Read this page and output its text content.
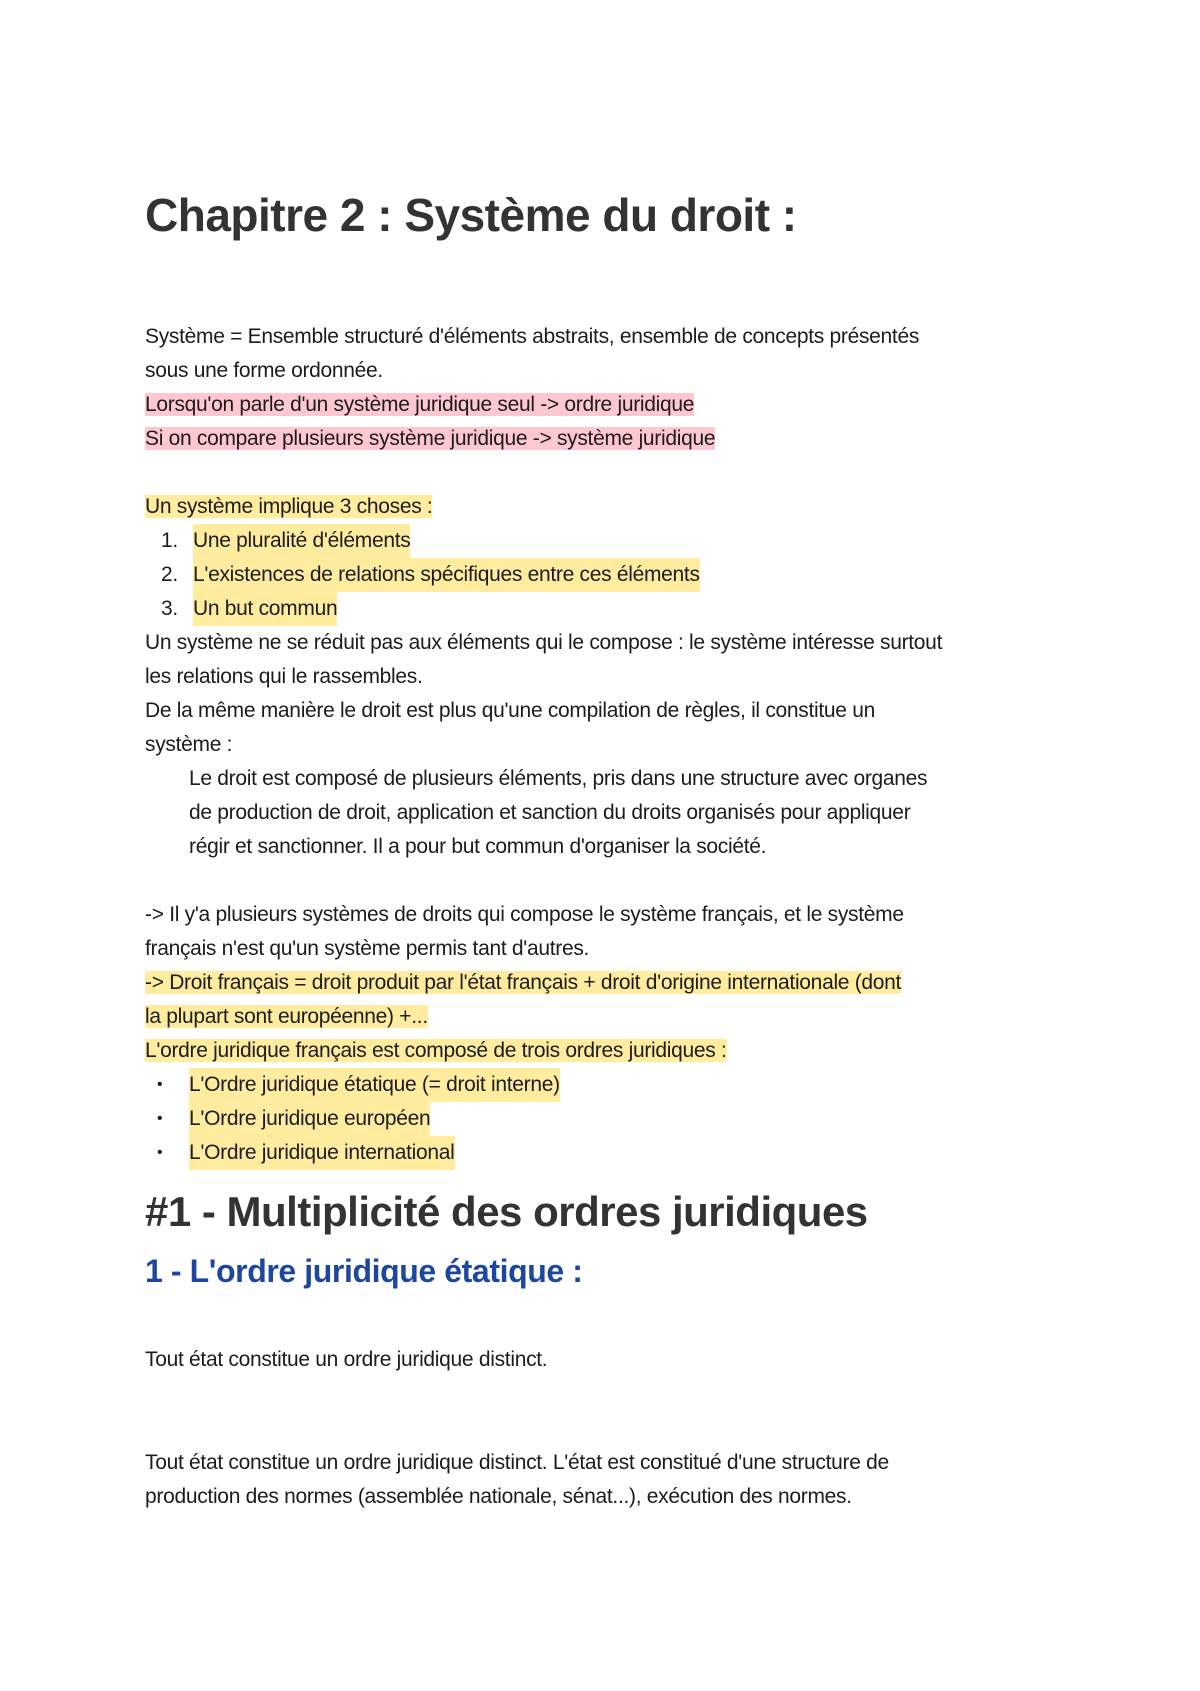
Chapitre 2 : Système du droit :
Système = Ensemble structuré d'éléments abstraits, ensemble de concepts présentés
sous une forme ordonnée.
Lorsqu'on parle d'un système juridique seul -> ordre juridique
Si on compare plusieurs système juridique -> système juridique
Un système implique 3 choses :
1. Une pluralité d'éléments
2. L'existences de relations spécifiques entre ces éléments
3. Un but commun
Un système ne se réduit pas aux éléments qui le compose : le système intéresse surtout
les relations qui le rassembles.
De la même manière le droit est plus qu'une compilation de règles, il constitue un
système :
Le droit est composé de plusieurs éléments, pris dans une structure avec organes
de production de droit, application et sanction du droits organisés pour appliquer
régir et sanctionner. Il a pour but commun d'organiser la société.
-> Il y'a plusieurs systèmes de droits qui compose le système français, et le système
français n'est qu'un système permis tant d'autres.
-> Droit français = droit produit par l'état français + droit d'origine internationale (dont
la plupart sont européenne) +...
L'ordre juridique français est composé de trois ordres juridiques :
• L'Ordre juridique étatique (= droit interne)
• L'Ordre juridique européen
• L'Ordre juridique international
#1 - Multiplicité des ordres juridiques
1 - L'ordre juridique étatique :
Tout état constitue un ordre juridique distinct.
Tout état constitue un ordre juridique distinct. L'état est constitué d'une structure de
production des normes (assemblée nationale, sénat...), exécution des normes.
